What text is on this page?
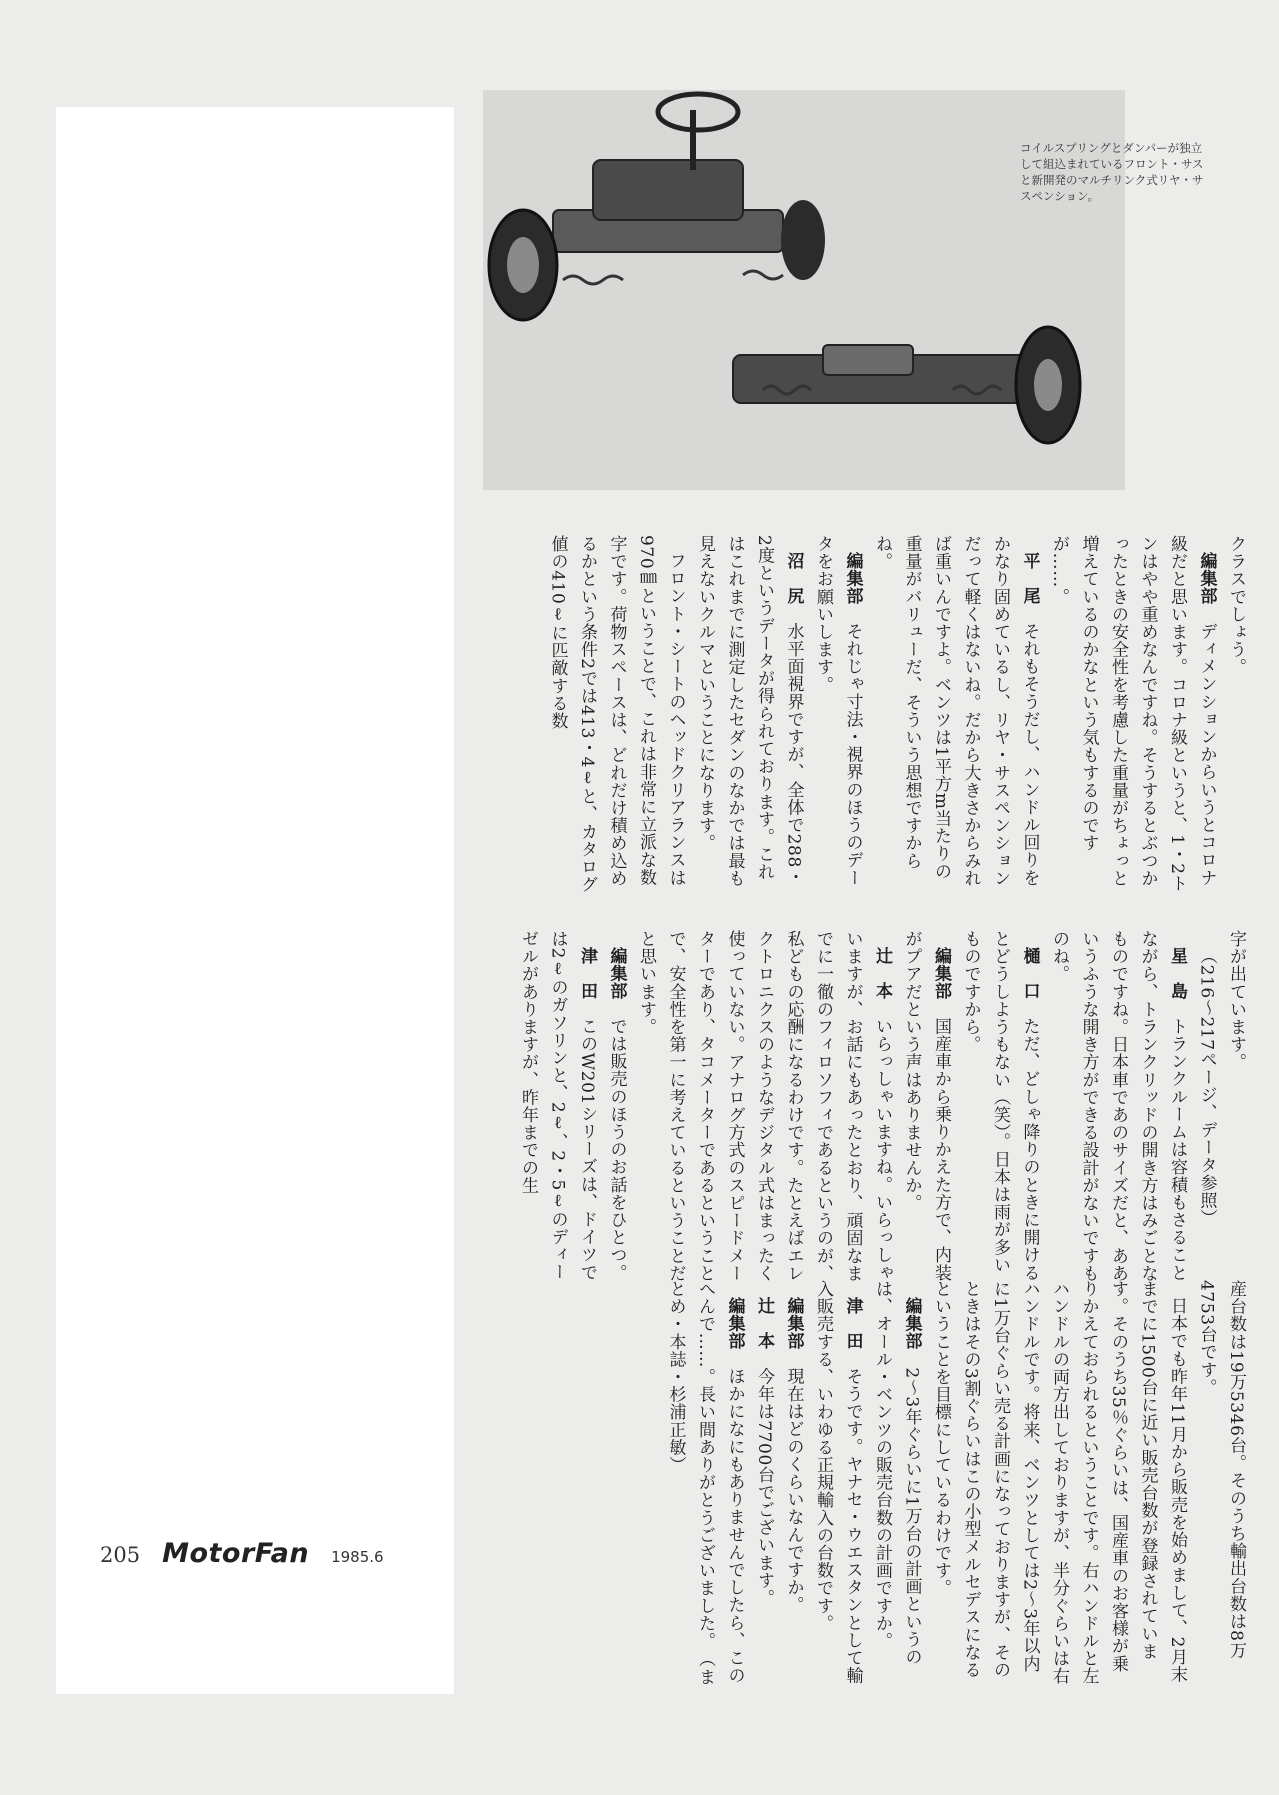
コイルスプリングとダンパーが独立して組込まれているフロント・サスと新開発のマルチリンク式リヤ・サスペンション。

クラスでしょう。

編集部　ディメンションからいうとコロナ級だと思います。コロナ級というと、1・2トンはやや重めなんですね。そうするとぶつかったときの安全性を考慮した重量がちょっと増えているのかなという気もするのですが……。

平　尾　それもそうだし、ハンドル回りをかなり固めているし、リヤ・サスペンションだって軽くはないね。だから大きさからみれば重いんですよ。ベンツは1平方m当たりの重量がバリューだ、そういう思想ですからね。

編集部　それじゃ寸法・視界のほうのデータをお願いします。

沼　尻　水平面視界ですが、全体で288・2度というデータが得られております。これはこれまでに測定したセダンのなかでは最も見えないクルマということになります。

フロント・シートのヘッドクリアランスは970㎜ということで、これは非常に立派な数字です。荷物スペースは、どれだけ積め込めるかという条件2では413・4ℓと、カタログ値の410ℓに匹敵する数

字が出ています。

（216〜217ページ、データ参照）

星　島　トランクルームは容積もさることながら、トランクリッドの開き方はみごとなものですね。日本車であのサイズだと、ああいうふうな開き方ができる設計がないですものね。

樋　口　ただ、どしゃ降りのときに開けるとどうしようもない（笑）。日本は雨が多いものですから。

編集部　国産車から乗りかえた方で、内装がプアだという声はありませんか。

辻　本　いらっしゃいますね。いらっしゃいますが、お話にもあったとおり、頑固なまでに一徹のフィロソフィであるというのが、私どもの応酬になるわけです。たとえばエレクトロニクスのようなデジタル式はまったく使っていない。アナログ方式のスピードメーターであり、タコメーターであるということで、安全性を第一に考えているということだと思います。

編集部　では販売のほうのお話をひとつ。

津　田　このW201シリーズは、ドイツでは2ℓのガソリンと、2ℓ、2・5ℓのディーゼルがありますが、昨年までの生

産台数は19万5346台。そのうち輸出台数は8万4753台です。

日本でも昨年11月から販売を始めまして、2月末までに1500台に近い販売台数が登録されています。そのうち35％ぐらいは、国産車のお客様が乗りかえておられるということです。右ハンドルと左ハンドルの両方出しておりますが、半分ぐらいは右ハンドルです。将来、ベンツとしては2〜3年以内に1万台ぐらい売る計画になっておりますが、そのときはその3割ぐらいはこの小型メルセデスになるということを目標にしているわけです。

編集部　2〜3年ぐらいに1万台の計画というのは、オール・ベンツの販売台数の計画ですか。

津　田　そうです。ヤナセ・ウエスタンとして輸入販売する、いわゆる正規輸入の台数です。

編集部　現在はどのくらいなんですか。

辻　本　今年は7700台でございます。

編集部　ほかになにもありませんでしたら、このへんで……。長い間ありがとうございました。　（まとめ・本誌・杉浦正敏）

205 MotorFan 1985.6
